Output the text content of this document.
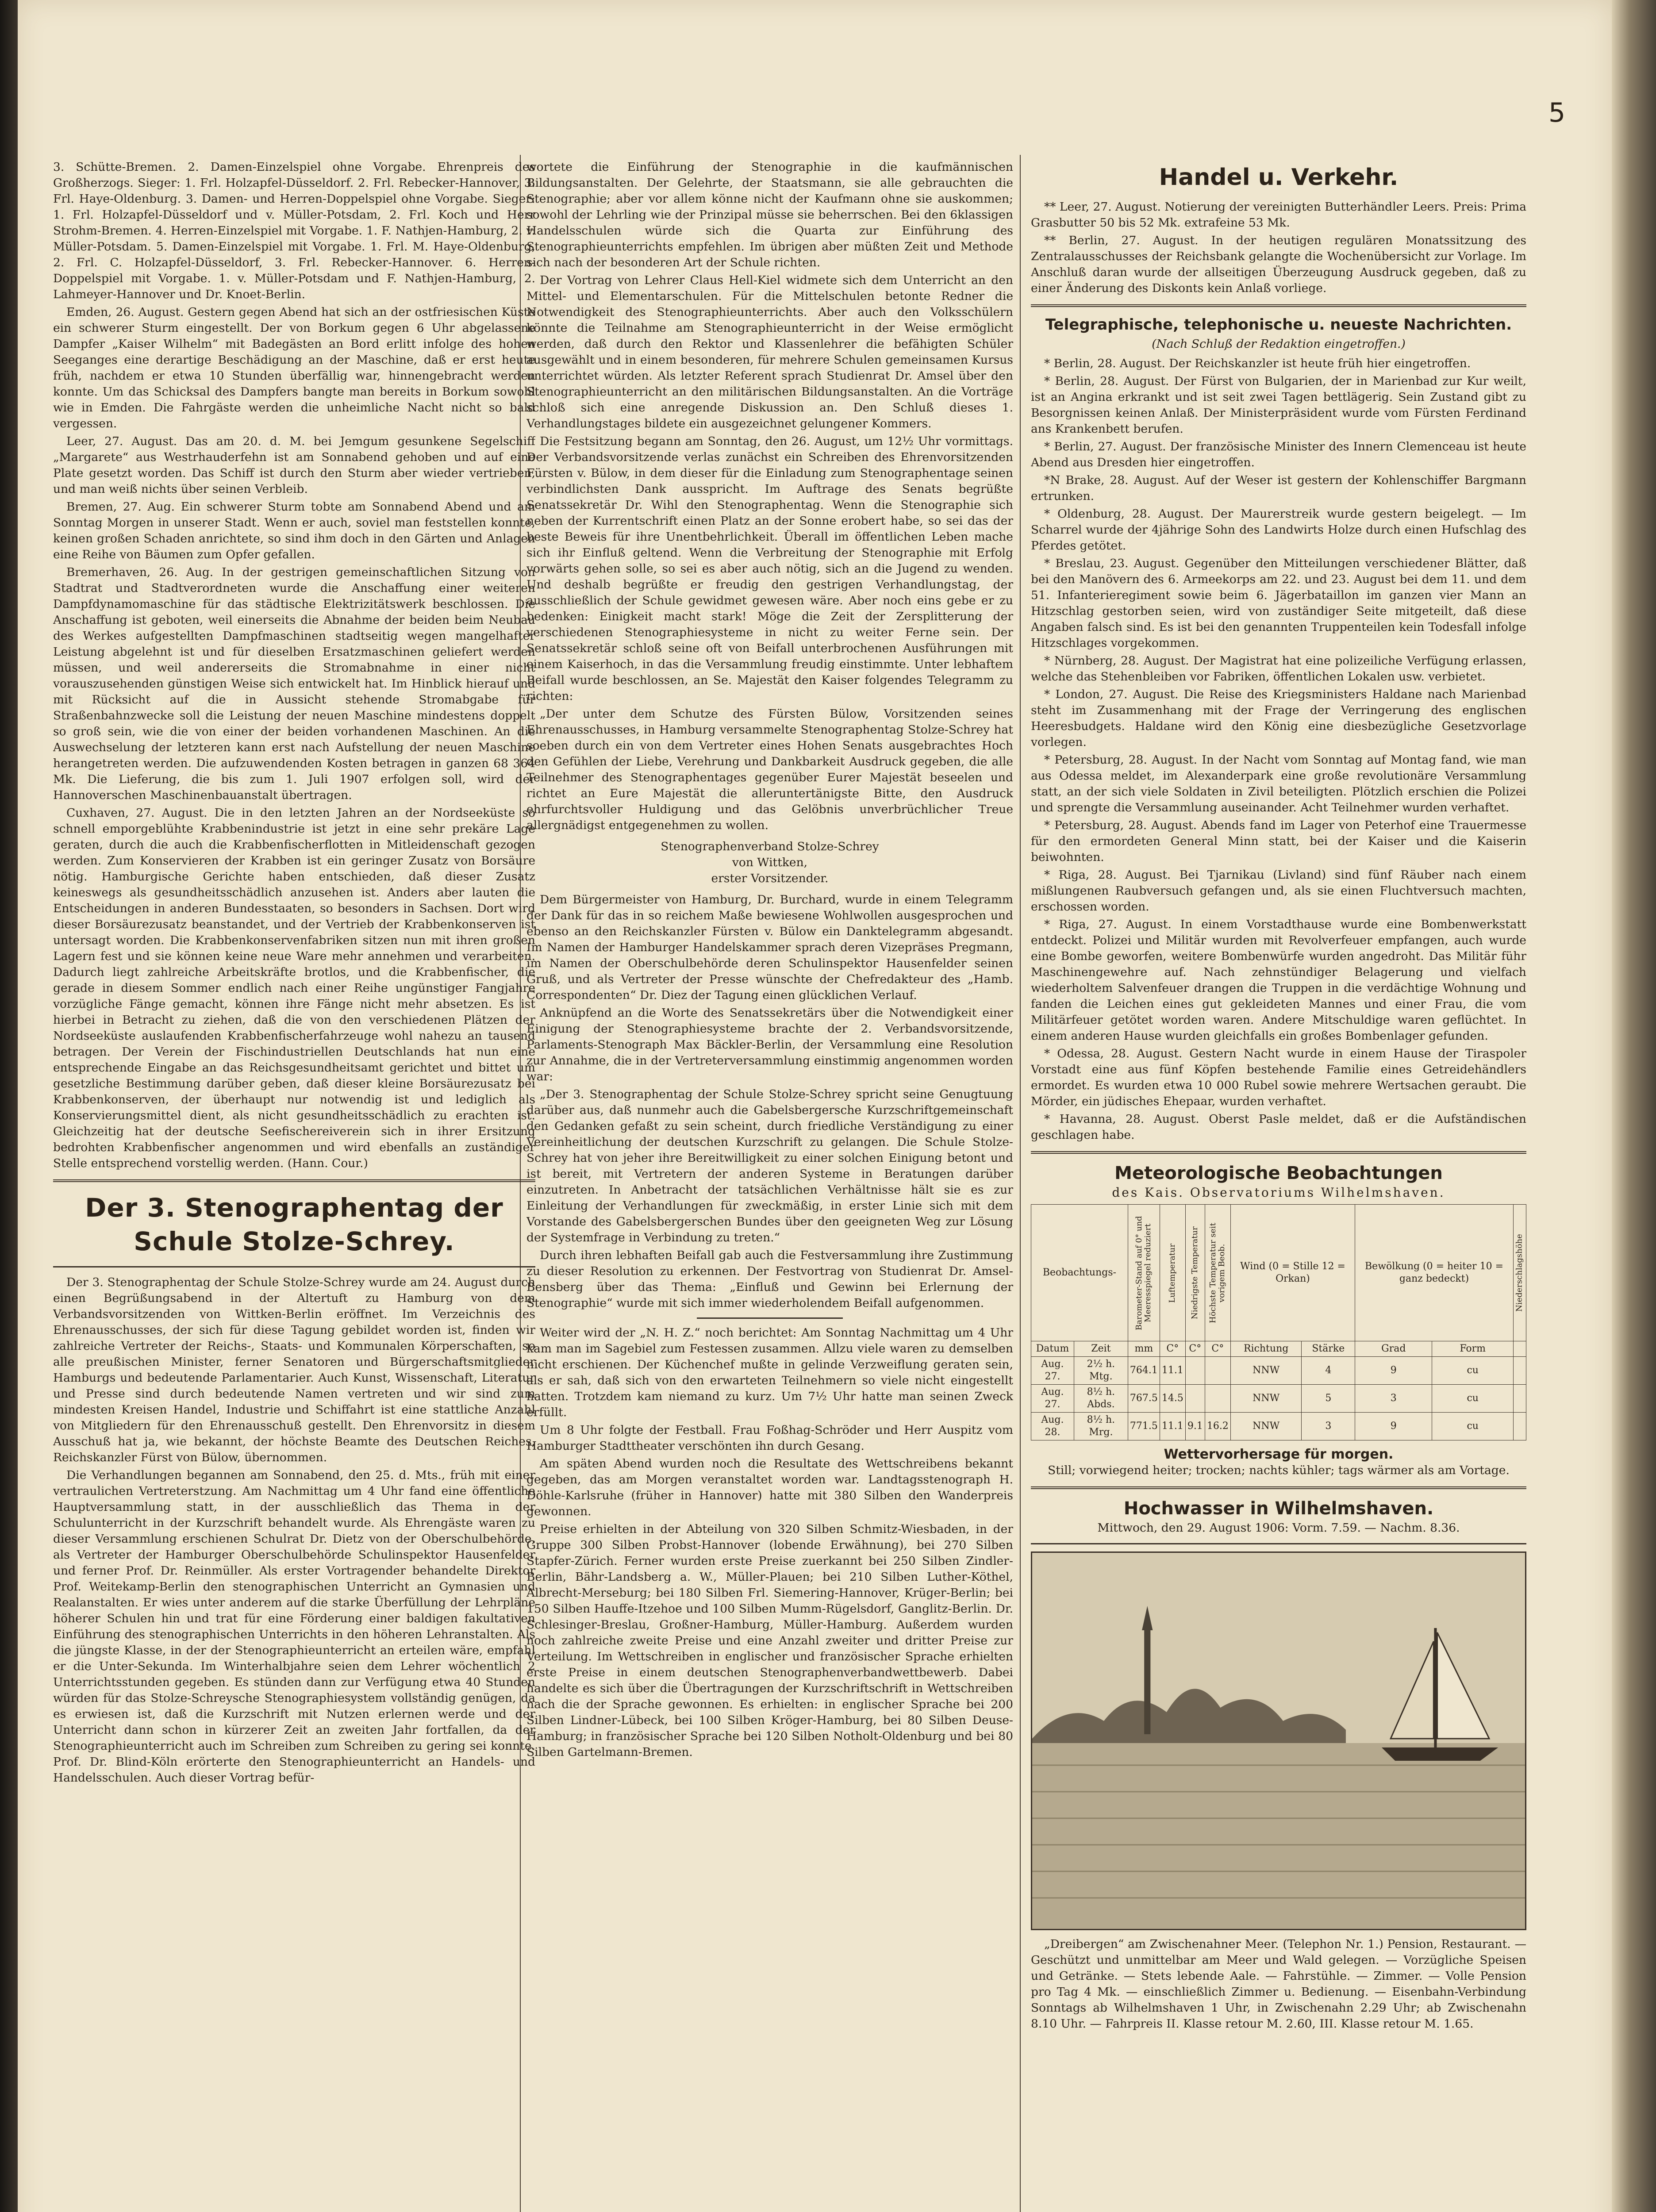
5

3. Schütte-Bremen. 2. Damen-Einzelspiel ohne Vorgabe. Ehrenpreis des Großherzogs. Sieger: 1. Frl. Holzapfel-Düsseldorf. 2. Frl. Rebecker-Hannover, 3. Frl. Haye-Oldenburg. 3. Damen- und Herren-Doppelspiel ohne Vorgabe. Sieger: 1. Frl. Holzapfel-Düsseldorf und v. Müller-Potsdam, 2. Frl. Koch und Herr Strohm-Bremen. 4. Herren-Einzelspiel mit Vorgabe. 1. F. Nathjen-Hamburg, 2. v. Müller-Potsdam. 5. Damen-Einzelspiel mit Vorgabe. 1. Frl. M. Haye-Oldenburg, 2. Frl. C. Holzapfel-Düsseldorf, 3. Frl. Rebecker-Hannover. 6. Herren-Doppelspiel mit Vorgabe. 1. v. Müller-Potsdam und F. Nathjen-Hamburg, 2. Lahmeyer-Hannover und Dr. Knoet-Berlin.

Emden, 26. August. Gestern gegen Abend hat sich an der ostfriesischen Küste ein schwerer Sturm eingestellt. Der von Borkum gegen 6 Uhr abgelassene Dampfer „Kaiser Wilhelm“ mit Badegästen an Bord erlitt infolge des hohen Seeganges eine derartige Beschädigung an der Maschine, daß er erst heute früh, nachdem er etwa 10 Stunden überfällig war, hinnengebracht werden konnte. Um das Schicksal des Dampfers bangte man bereits in Borkum sowohl wie in Emden. Die Fahrgäste werden die unheimliche Nacht nicht so bald vergessen.

Leer, 27. August. Das am 20. d. M. bei Jemgum gesunkene Segelschiff „Margarete“ aus Westrhauderfehn ist am Sonnabend gehoben und auf eine Plate gesetzt worden. Das Schiff ist durch den Sturm aber wieder vertrieben, und man weiß nichts über seinen Verbleib.

Bremen, 27. Aug. Ein schwerer Sturm tobte am Sonnabend Abend und am Sonntag Morgen in unserer Stadt. Wenn er auch, soviel man feststellen konnte, keinen großen Schaden anrichtete, so sind ihm doch in den Gärten und Anlagen eine Reihe von Bäumen zum Opfer gefallen.

Bremerhaven, 26. Aug. In der gestrigen gemeinschaftlichen Sitzung von Stadtrat und Stadtverordneten wurde die Anschaffung einer weiteren Dampfdynamomaschine für das städtische Elektrizitätswerk beschlossen. Die Anschaffung ist geboten, weil einerseits die Abnahme der beiden beim Neubau des Werkes aufgestellten Dampfmaschinen stadtseitig wegen mangelhafter Leistung abgelehnt ist und für dieselben Ersatzmaschinen geliefert werden müssen, und weil andererseits die Stromabnahme in einer nicht vorauszusehenden günstigen Weise sich entwickelt hat. Im Hinblick hierauf und mit Rücksicht auf die in Aussicht stehende Stromabgabe für Straßenbahnzwecke soll die Leistung der neuen Maschine mindestens doppelt so groß sein, wie die von einer der beiden vorhandenen Maschinen. An die Auswechselung der letzteren kann erst nach Aufstellung der neuen Maschine herangetreten werden. Die aufzuwendenden Kosten betragen in ganzen 68 364 Mk. Die Lieferung, die bis zum 1. Juli 1907 erfolgen soll, wird der Hannoverschen Maschinenbauanstalt übertragen.

Cuxhaven, 27. August. Die in den letzten Jahren an der Nordseeküste so schnell emporgeblühte Krabbenindustrie ist jetzt in eine sehr prekäre Lage geraten, durch die auch die Krabbenfischerflotten in Mitleidenschaft gezogen werden. Zum Konservieren der Krabben ist ein geringer Zusatz von Borsäure nötig. Hamburgische Gerichte haben entschieden, daß dieser Zusatz keineswegs als gesundheitsschädlich anzusehen ist. Anders aber lauten die Entscheidungen in anderen Bundesstaaten, so besonders in Sachsen. Dort wird dieser Borsäurezusatz beanstandet, und der Vertrieb der Krabbenkonserven ist untersagt worden. Die Krabbenkonservenfabriken sitzen nun mit ihren großen Lagern fest und sie können keine neue Ware mehr annehmen und verarbeiten. Dadurch liegt zahlreiche Arbeitskräfte brotlos, und die Krabbenfischer, die gerade in diesem Sommer endlich nach einer Reihe ungünstiger Fangjahre vorzügliche Fänge gemacht, können ihre Fänge nicht mehr absetzen. Es ist hierbei in Betracht zu ziehen, daß die von den verschiedenen Plätzen der Nordseeküste auslaufenden Krabbenfischerfahrzeuge wohl nahezu an tausend betragen. Der Verein der Fischindustriellen Deutschlands hat nun eine entsprechende Eingabe an das Reichsgesundheitsamt gerichtet und bittet um gesetzliche Bestimmung darüber geben, daß dieser kleine Borsäurezusatz bei Krabbenkonserven, der überhaupt nur notwendig ist und lediglich als Konservierungsmittel dient, als nicht gesundheitsschädlich zu erachten ist. Gleichzeitig hat der deutsche Seefischereiverein sich in ihrer Ersitzung bedrohten Krabbenfischer angenommen und wird ebenfalls an zuständiger Stelle entsprechend vorstellig werden. (Hann. Cour.)

Der 3. Stenographentag der Schule Stolze-Schrey.

Der 3. Stenographentag der Schule Stolze-Schrey wurde am 24. August durch einen Begrüßungsabend in der Altertuft zu Hamburg von dem Verbandsvorsitzenden von Wittken-Berlin eröffnet. Im Verzeichnis des Ehrenausschusses, der sich für diese Tagung gebildet worden ist, finden wir zahlreiche Vertreter der Reichs-, Staats- und Kommunalen Körperschaften, so alle preußischen Minister, ferner Senatoren und Bürgerschaftsmitglieder Hamburgs und bedeutende Parlamentarier. Auch Kunst, Wissenschaft, Literatur und Presse sind durch bedeutende Namen vertreten und wir sind zum mindesten Kreisen Handel, Industrie und Schiffahrt ist eine stattliche Anzahl von Mitgliedern für den Ehrenausschuß gestellt. Den Ehrenvorsitz in diesem Ausschuß hat ja, wie bekannt, der höchste Beamte des Deutschen Reiches, Reichskanzler Fürst von Bülow, übernommen.

Die Verhandlungen begannen am Sonnabend, den 25. d. Mts., früh mit einer vertraulichen Vertreterstzung. Am Nachmittag um 4 Uhr fand eine öffentliche Hauptversammlung statt, in der ausschließlich das Thema in der Schulunterricht in der Kurzschrift behandelt wurde. Als Ehrengäste waren zu dieser Versammlung erschienen Schulrat Dr. Dietz von der Oberschulbehörde, als Vertreter der Hamburger Oberschulbehörde Schulinspektor Hausenfelder und ferner Prof. Dr. Reinmüller. Als erster Vortragender behandelte Direktor Prof. Weitekamp-Berlin den stenographischen Unterricht an Gymnasien und Realanstalten. Er wies unter anderem auf die starke Überfüllung der Lehrpläne höherer Schulen hin und trat für eine Förderung einer baldigen fakultativen Einführung des stenographischen Unterrichts in den höheren Lehranstalten. Als die jüngste Klasse, in der der Stenographieunterricht an erteilen wäre, empfahl er die Unter-Sekunda. Im Winterhalbjahre seien dem Lehrer wöchentlich 2 Unterrichtsstunden gegeben. Es stünden dann zur Verfügung etwa 40 Stunden würden für das Stolze-Schreysche Stenographiesystem vollständig genügen, da es erwiesen ist, daß die Kurzschrift mit Nutzen erlernen werde und der Unterricht dann schon in kürzerer Zeit an zweiten Jahr fortfallen, da der Stenographieunterricht auch im Schreiben zum Schreiben zu gering sei konnte. Prof. Dr. Blind-Köln erörterte den Stenographieunterricht an Handels- und Handelsschulen. Auch dieser Vortrag befür-

wortete die Einführung der Stenographie in die kaufmännischen Bildungsanstalten. Der Gelehrte, der Staatsmann, sie alle gebrauchten die Stenographie; aber vor allem könne nicht der Kaufmann ohne sie auskommen; sowohl der Lehrling wie der Prinzipal müsse sie beherrschen. Bei den 6klassigen Handelsschulen würde sich die Quarta zur Einführung des Stenographieunterrichts empfehlen. Im übrigen aber müßten Zeit und Methode sich nach der besonderen Art der Schule richten.

Der Vortrag von Lehrer Claus Hell-Kiel widmete sich dem Unterricht an den Mittel- und Elementarschulen. Für die Mittelschulen betonte Redner die Notwendigkeit des Stenographieunterrichts. Aber auch den Volksschülern könnte die Teilnahme am Stenographieunterricht in der Weise ermöglicht werden, daß durch den Rektor und Klassenlehrer die befähigten Schüler ausgewählt und in einem besonderen, für mehrere Schulen gemeinsamen Kursus unterrichtet würden. Als letzter Referent sprach Studienrat Dr. Amsel über den Stenographieunterricht an den militärischen Bildungsanstalten. An die Vorträge schloß sich eine anregende Diskussion an. Den Schluß dieses 1. Verhandlungstages bildete ein ausgezeichnet gelungener Kommers.

Die Festsitzung begann am Sonntag, den 26. August, um 12½ Uhr vormittags. Der Verbandsvorsitzende verlas zunächst ein Schreiben des Ehrenvorsitzenden Fürsten v. Bülow, in dem dieser für die Einladung zum Stenographentage seinen verbindlichsten Dank ausspricht. Im Auftrage des Senats begrüßte Senatssekretär Dr. Wihl den Stenographentag. Wenn die Stenographie sich neben der Kurrentschrift einen Platz an der Sonne erobert habe, so sei das der beste Beweis für ihre Unentbehrlichkeit. Überall im öffentlichen Leben mache sich ihr Einfluß geltend. Wenn die Verbreitung der Stenographie mit Erfolg vorwärts gehen solle, so sei es aber auch nötig, sich an die Jugend zu wenden. Und deshalb begrüßte er freudig den gestrigen Verhandlungstag, der ausschließlich der Schule gewidmet gewesen wäre. Aber noch eins gebe er zu bedenken: Einigkeit macht stark! Möge die Zeit der Zersplitterung der verschiedenen Stenographiesysteme in nicht zu weiter Ferne sein. Der Senatssekretär schloß seine oft von Beifall unterbrochenen Ausführungen mit einem Kaiserhoch, in das die Versammlung freudig einstimmte. Unter lebhaftem Beifall wurde beschlossen, an Se. Majestät den Kaiser folgendes Telegramm zu richten:

„Der unter dem Schutze des Fürsten Bülow, Vorsitzenden seines Ehrenausschusses, in Hamburg versammelte Stenographentag Stolze-Schrey hat soeben durch ein von dem Vertreter eines Hohen Senats ausgebrachtes Hoch den Gefühlen der Liebe, Verehrung und Dankbarkeit Ausdruck gegeben, die alle Teilnehmer des Stenographentages gegenüber Eurer Majestät beseelen und richtet an Eure Majestät die alleruntertänigste Bitte, den Ausdruck ehrfurchtsvoller Huldigung und das Gelöbnis unverbrüchlicher Treue allergnädigst entgegenehmen zu wollen.

Stenographenverband Stolze-Schrey
von Wittken,
erster Vorsitzender.

Dem Bürgermeister von Hamburg, Dr. Burchard, wurde in einem Telegramm der Dank für das in so reichem Maße bewiesene Wohlwollen ausgesprochen und ebenso an den Reichskanzler Fürsten v. Bülow ein Danktelegramm abgesandt. Im Namen der Hamburger Handelskammer sprach deren Vizepräses Pregmann, im Namen der Oberschulbehörde deren Schulinspektor Hausenfelder seinen Gruß, und als Vertreter der Presse wünschte der Chefredakteur des „Hamb. Correspondenten“ Dr. Diez der Tagung einen glücklichen Verlauf.

Anknüpfend an die Worte des Senatssekretärs über die Notwendigkeit einer Einigung der Stenographiesysteme brachte der 2. Verbandsvorsitzende, Parlaments-Stenograph Max Bäckler-Berlin, der Versammlung eine Resolution zur Annahme, die in der Vertreterversammlung einstimmig angenommen worden war:

„Der 3. Stenographentag der Schule Stolze-Schrey spricht seine Genugtuung darüber aus, daß nunmehr auch die Gabelsbergersche Kurzschriftgemeinschaft den Gedanken gefaßt zu sein scheint, durch friedliche Verständigung zu einer Vereinheitlichung der deutschen Kurzschrift zu gelangen. Die Schule Stolze-Schrey hat von jeher ihre Bereitwilligkeit zu einer solchen Einigung betont und ist bereit, mit Vertretern der anderen Systeme in Beratungen darüber einzutreten. In Anbetracht der tatsächlichen Verhältnisse hält sie es zur Einleitung der Verhandlungen für zweckmäßig, in erster Linie sich mit dem Vorstande des Gabelsbergerschen Bundes über den geeigneten Weg zur Lösung der Systemfrage in Verbindung zu treten.“

Durch ihren lebhaften Beifall gab auch die Festversammlung ihre Zustimmung zu dieser Resolution zu erkennen. Der Festvortrag von Studienrat Dr. Amsel-Bensberg über das Thema: „Einfluß und Gewinn bei Erlernung der Stenographie“ wurde mit sich immer wiederholendem Beifall aufgenommen.

Weiter wird der „N. H. Z.“ noch berichtet: Am Sonntag Nachmittag um 4 Uhr kam man im Sagebiel zum Festessen zusammen. Allzu viele waren zu demselben nicht erschienen. Der Küchenchef mußte in gelinde Verzweiflung geraten sein, als er sah, daß sich von den erwarteten Teilnehmern so viele nicht eingestellt hatten. Trotzdem kam niemand zu kurz. Um 7½ Uhr hatte man seinen Zweck erfüllt.

Um 8 Uhr folgte der Festball. Frau Foßhag-Schröder und Herr Auspitz vom Hamburger Stadttheater verschönten ihn durch Gesang.

Am späten Abend wurden noch die Resultate des Wettschreibens bekannt gegeben, das am Morgen veranstaltet worden war. Landtagsstenograph H. Döhle-Karlsruhe (früher in Hannover) hatte mit 380 Silben den Wanderpreis gewonnen.

Preise erhielten in der Abteilung von 320 Silben Schmitz-Wiesbaden, in der Gruppe 300 Silben Probst-Hannover (lobende Erwähnung), bei 270 Silben Stapfer-Zürich. Ferner wurden erste Preise zuerkannt bei 250 Silben Zindler-Berlin, Bähr-Landsberg a. W., Müller-Plauen; bei 210 Silben Luther-Köthel, Albrecht-Merseburg; bei 180 Silben Frl. Siemering-Hannover, Krüger-Berlin; bei 150 Silben Hauffe-Itzehoe und 100 Silben Mumm-Rügelsdorf, Ganglitz-Berlin. Dr. Schlesinger-Breslau, Großner-Hamburg, Müller-Hamburg. Außerdem wurden noch zahlreiche zweite Preise und eine Anzahl zweiter und dritter Preise zur Verteilung. Im Wettschreiben in englischer und französischer Sprache erhielten erste Preise in einem deutschen Stenographenverbandwettbewerb. Dabei handelte es sich über die Übertragungen der Kurzschriftschrift in Wettschreiben nach die der Sprache gewonnen. Es erhielten: in englischer Sprache bei 200 Silben Lindner-Lübeck, bei 100 Silben Kröger-Hamburg, bei 80 Silben Deuse-Hamburg; in französischer Sprache bei 120 Silben Notholt-Oldenburg und bei 80 Silben Gartelmann-Bremen.

Handel u. Verkehr.

** Leer, 27. August. Notierung der vereinigten Butterhändler Leers. Preis: Prima Grasbutter 50 bis 52 Mk. extrafeine 53 Mk.

** Berlin, 27. August. In der heutigen regulären Monatssitzung des Zentralausschusses der Reichsbank gelangte die Wochenübersicht zur Vorlage. Im Anschluß daran wurde der allseitigen Überzeugung Ausdruck gegeben, daß zu einer Änderung des Diskonts kein Anlaß vorliege.

Telegraphische, telephonische u. neueste Nachrichten.
(Nach Schluß der Redaktion eingetroffen.)

* Berlin, 28. August. Der Reichskanzler ist heute früh hier eingetroffen.

* Berlin, 28. August. Der Fürst von Bulgarien, der in Marienbad zur Kur weilt, ist an Angina erkrankt und ist seit zwei Tagen bettlägerig. Sein Zustand gibt zu Besorgnissen keinen Anlaß. Der Ministerpräsident wurde vom Fürsten Ferdinand ans Krankenbett berufen.

* Berlin, 27. August. Der französische Minister des Innern Clemenceau ist heute Abend aus Dresden hier eingetroffen.

*N Brake, 28. August. Auf der Weser ist gestern der Kohlenschiffer Bargmann ertrunken.

* Oldenburg, 28. August. Der Maurerstreik wurde gestern beigelegt. — Im Scharrel wurde der 4jährige Sohn des Landwirts Holze durch einen Hufschlag des Pferdes getötet.

* Breslau, 23. August. Gegenüber den Mitteilungen verschiedener Blätter, daß bei den Manövern des 6. Armeekorps am 22. und 23. August bei dem 11. und dem 51. Infanterieregiment sowie beim 6. Jägerbataillon im ganzen vier Mann an Hitzschlag gestorben seien, wird von zuständiger Seite mitgeteilt, daß diese Angaben falsch sind. Es ist bei den genannten Truppenteilen kein Todesfall infolge Hitzschlages vorgekommen.

* Nürnberg, 28. August. Der Magistrat hat eine polizeiliche Verfügung erlassen, welche das Stehenbleiben vor Fabriken, öffentlichen Lokalen usw. verbietet.

* London, 27. August. Die Reise des Kriegsministers Haldane nach Marienbad steht im Zusammenhang mit der Frage der Verringerung des englischen Heeresbudgets. Haldane wird den König eine diesbezügliche Gesetzvorlage vorlegen.

* Petersburg, 28. August. In der Nacht vom Sonntag auf Montag fand, wie man aus Odessa meldet, im Alexanderpark eine große revolutionäre Versammlung statt, an der sich viele Soldaten in Zivil beteiligten. Plötzlich erschien die Polizei und sprengte die Versammlung auseinander. Acht Teilnehmer wurden verhaftet.

* Petersburg, 28. August. Abends fand im Lager von Peterhof eine Trauermesse für den ermordeten General Minn statt, bei der Kaiser und die Kaiserin beiwohnten.

* Riga, 28. August. Bei Tjarnikau (Livland) sind fünf Räuber nach einem mißlungenen Raubversuch gefangen und, als sie einen Fluchtversuch machten, erschossen worden.

* Riga, 27. August. In einem Vorstadthause wurde eine Bombenwerkstatt entdeckt. Polizei und Militär wurden mit Revolverfeuer empfangen, auch wurde eine Bombe geworfen, weitere Bombenwürfe wurden angedroht. Das Militär führ Maschinengewehre auf. Nach zehnstündiger Belagerung und vielfach wiederholtem Salvenfeuer drangen die Truppen in die verdächtige Wohnung und fanden die Leichen eines gut gekleideten Mannes und einer Frau, die vom Militärfeuer getötet worden waren. Andere Mitschuldige waren geflüchtet. In einem anderen Hause wurden gleichfalls ein großes Bombenlager gefunden.

* Odessa, 28. August. Gestern Nacht wurde in einem Hause der Tiraspoler Vorstadt eine aus fünf Köpfen bestehende Familie eines Getreidehändlers ermordet. Es wurden etwa 10 000 Rubel sowie mehrere Wertsachen geraubt. Die Mörder, ein jüdisches Ehepaar, wurden verhaftet.

* Havanna, 28. August. Oberst Pasle meldet, daß er die Aufständischen geschlagen habe.

Meteorologische Beobachtungen
des Kais. Observatoriums Wilhelmshaven.
Beobachtungs-		Barometer-Stand auf 0° und Meeresspiegel reduziert	Luftemperatur	Niedrigste Temperatur	Höchste Temperatur seit vorigem Beob.	Wind (0 = Stille 12 = Orkan)		Bewölkung (0 = heiter 10 = ganz bedeckt)		Niederschlagshöhe
Datum	Zeit	mm	C°	C°	C°	Richtung	Stärke	Grad	Form	
Aug. 27.	2½ h. Mtg.	764.1	11.1			NNW	4	9	cu	
Aug. 27.	8½ h. Abds.	767.5	14.5			NNW	5	3	cu	
Aug. 28.	8½ h. Mrg.	771.5	11.1	9.1	16.2	NNW	3	9	cu	
Wettervorhersage für morgen.

Still; vorwiegend heiter; trocken; nachts kühler; tags wärmer als am Vortage.

Hochwasser in Wilhelmshaven.

Mittwoch, den 29. August 1906: Vorm. 7.59. — Nachm. 8.36.

„Dreibergen“ am Zwischenahner Meer. (Telephon Nr. 1.) Pension, Restaurant. — Geschützt und unmittelbar am Meer und Wald gelegen. — Vorzügliche Speisen und Getränke. — Stets lebende Aale. — Fahrstühle. — Zimmer. — Volle Pension pro Tag 4 Mk. — einschließlich Zimmer u. Bedienung. — Eisenbahn-Verbindung Sonntags ab Wilhelmshaven 1 Uhr, in Zwischenahn 2.29 Uhr; ab Zwischenahn 8.10 Uhr. — Fahrpreis II. Klasse retour M. 2.60, III. Klasse retour M. 1.65.
